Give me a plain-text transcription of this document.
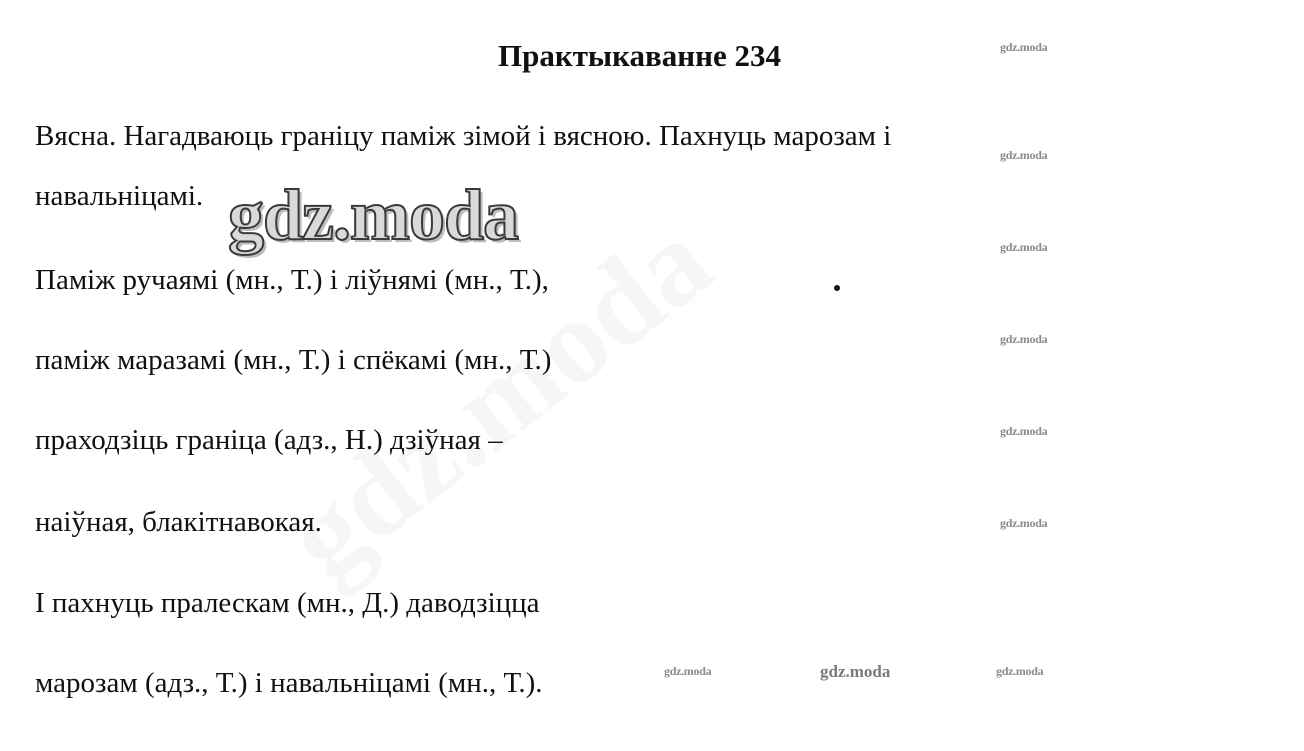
Практыкаванне 234
Вясна. Нагадваюць граніцу паміж зімой і вясною. Пахнуць марозам і
навальніцамі.
Паміж ручаямі (мн., Т.) і ліўнямі (мн., Т.),
паміж маразамі (мн., Т.) і спёкамі (мн., Т.)
праходзіць граніца (адз., Н.) дзіўная –
наіўная, блакітнавокая.
І пахнуць пралескам (мн., Д.) даводзіцца
марозам (адз., Т.) і навальніцамі (мн., Т.).
gdz.moda
gdz.moda
gdz.moda
gdz.moda
gdz.moda
gdz.moda
gdz.moda
gdz.moda	gdz.moda	gdz.moda
